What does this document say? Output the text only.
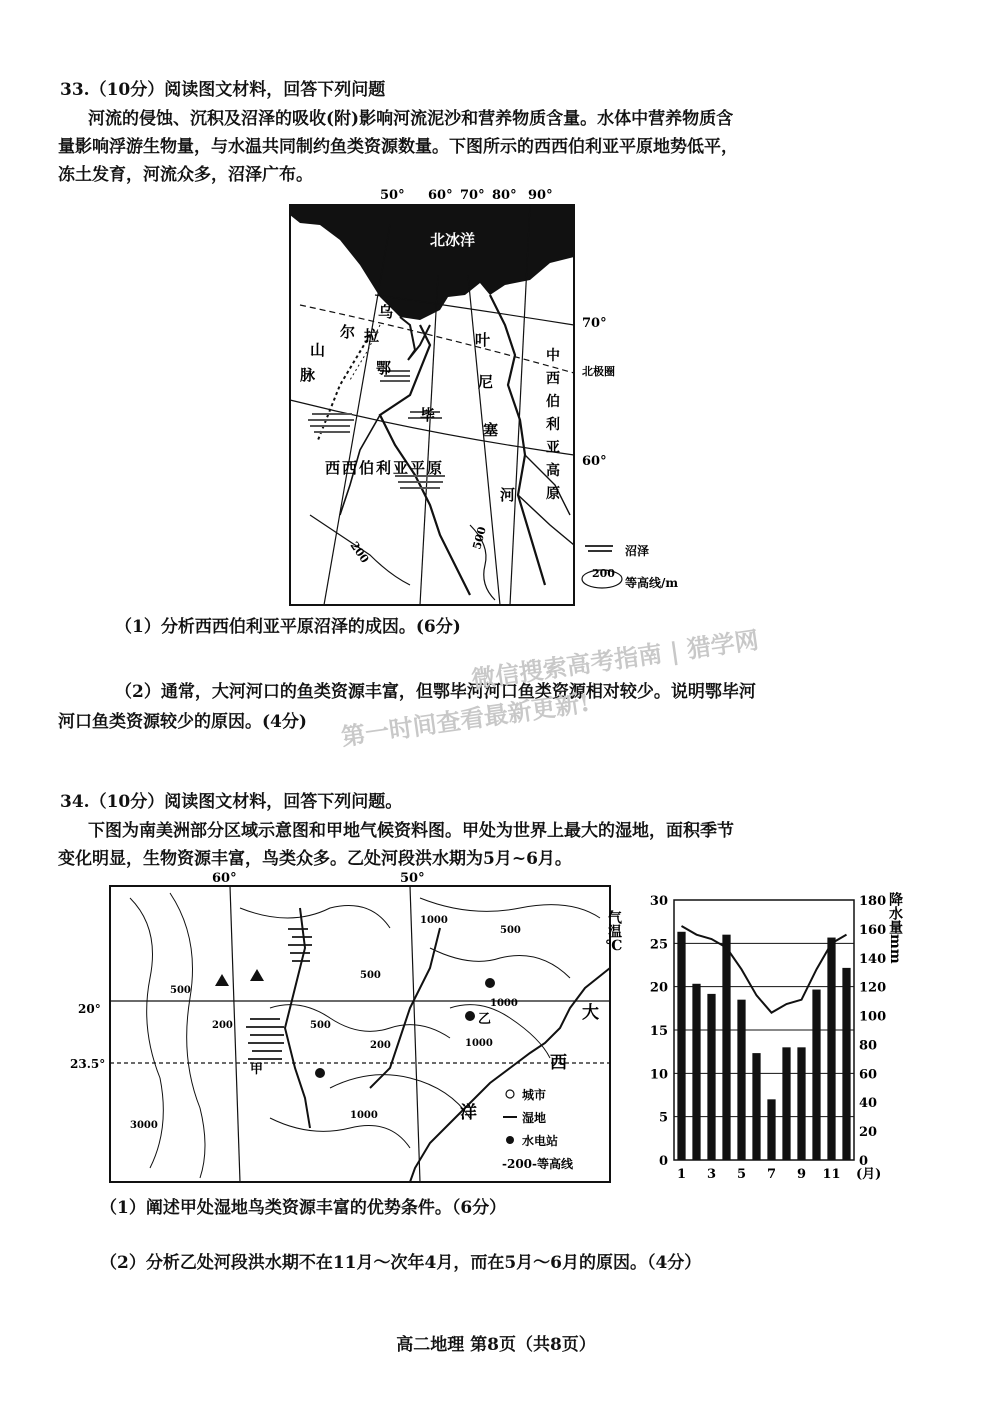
33.（10分）阅读图文材料，回答下列问题
河流的侵蚀、沉积及沼泽的吸收(附)影响河流泥沙和营养物质含量。水体中营养物质含
量影响浮游生物量，与水温共同制约鱼类资源数量。下图所示的西西伯利亚平原地势低平，
冻土发育，河流众多，沼泽广布。
50° 60° 70° 80° 90°
北冰洋
200
500
乌
拉
尔
山
脉	鄂
毕
叶
尼
塞
河
中
西
伯
利
亚
高
原
西西伯利亚平原
70°
北极圈
60°
沼泽
200
等高线/m
（1）分析西西伯利亚平原沼泽的成因。(6分)
（2）通常，大河河口的鱼类资源丰富，但鄂毕河河口鱼类资源相对较少。说明鄂毕河
河口鱼类资源较少的原因。(4分)
微信搜索高考指南 | 猎学网
第一时间查看最新更新!
34.（10分）阅读图文材料，回答下列问题。
下图为南美洲部分区域示意图和甲地气候资料图。甲处为世界上最大的湿地，面积季节
变化明显，生物资源丰富，鸟类众多。乙处河段洪水期为5月~6月。
60°	50°
20°
23.5°	甲
乙	大
西
洋
1000
500
500
200	500
500
1000
1000
3000
1000
200
城市
湿地
水电站
-200-等高线
气温℃	降水量mm
0
5
10
15
20
25
30
0
20
40
60
80
100
120
140
160
180
1 3 5 7 9 11 (月)
（1）阐述甲处湿地鸟类资源丰富的优势条件。（6分）
（2）分析乙处河段洪水期不在11月～次年4月，而在5月～6月的原因。（4分）
高二地理 第8页（共8页）
